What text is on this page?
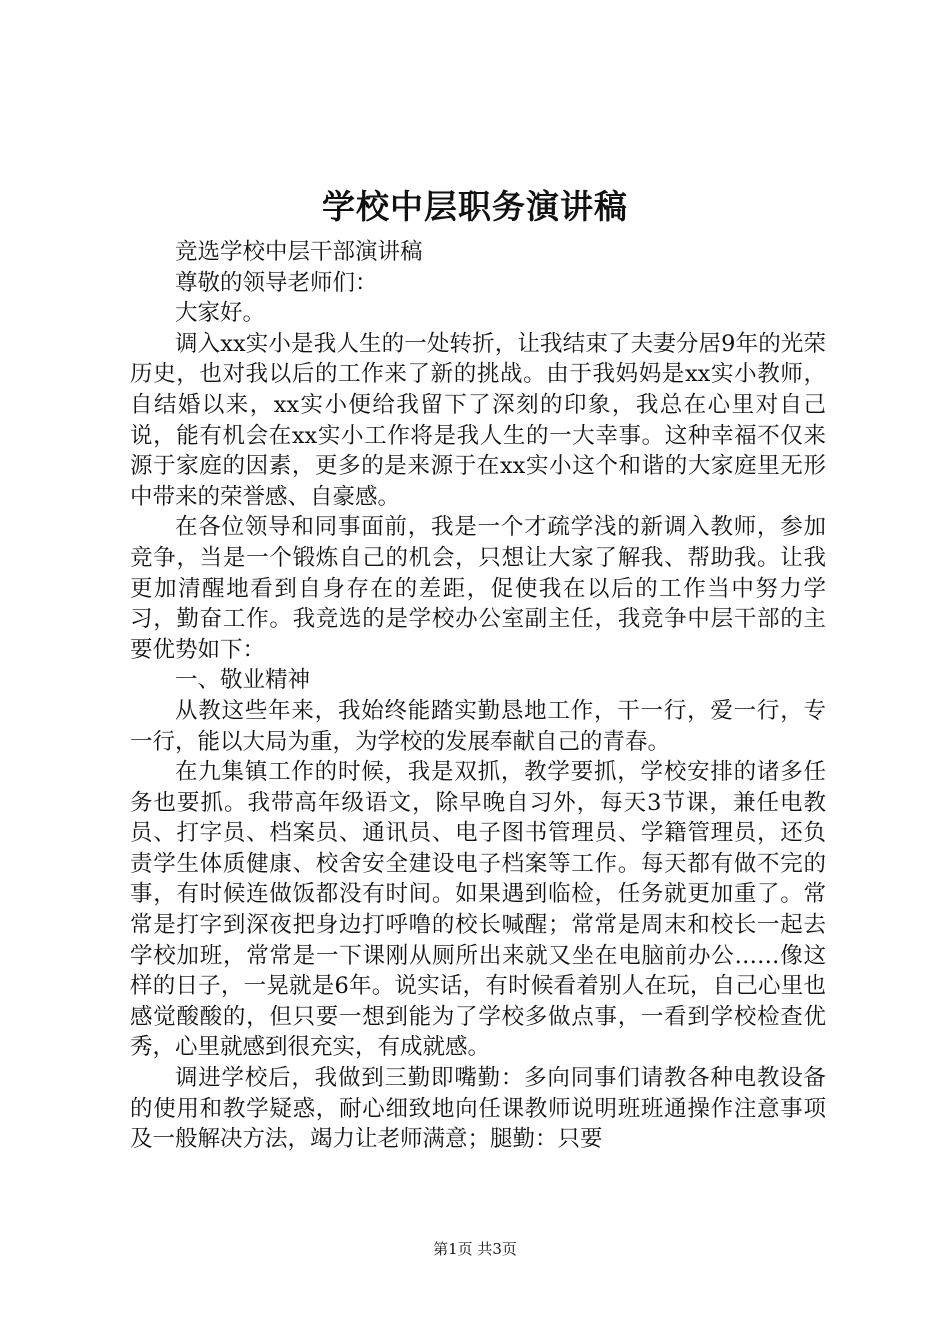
学校中层职务演讲稿

竞选学校中层干部演讲稿

尊敬的领导老师们：

大家好。

调入xx实小是我人生的一处转折，让我结束了夫妻分居9年的光荣历史，也对我以后的工作来了新的挑战。由于我妈妈是xx实小教师，自结婚以来，xx实小便给我留下了深刻的印象，我总在心里对自己说，能有机会在xx实小工作将是我人生的一大幸事。这种幸福不仅来源于家庭的因素，更多的是来源于在xx实小这个和谐的大家庭里无形中带来的荣誉感、自豪感。

在各位领导和同事面前，我是一个才疏学浅的新调入教师，参加竞争，当是一个锻炼自己的机会，只想让大家了解我、帮助我。让我更加清醒地看到自身存在的差距，促使我在以后的工作当中努力学习，勤奋工作。我竞选的是学校办公室副主任，我竞争中层干部的主要优势如下：

一、敬业精神

从教这些年来，我始终能踏实勤恳地工作，干一行，爱一行，专一行，能以大局为重，为学校的发展奉献自己的青春。

在九集镇工作的时候，我是双抓，教学要抓，学校安排的诸多任务也要抓。我带高年级语文，除早晚自习外，每天3节课，兼任电教员、打字员、档案员、通讯员、电子图书管理员、学籍管理员，还负责学生体质健康、校舍安全建设电子档案等工作。每天都有做不完的事，有时候连做饭都没有时间。如果遇到临检，任务就更加重了。常常是打字到深夜把身边打呼噜的校长喊醒；常常是周末和校长一起去学校加班，常常是一下课刚从厕所出来就又坐在电脑前办公……像这样的日子，一晃就是6年。说实话，有时候看着别人在玩，自己心里也感觉酸酸的，但只要一想到能为了学校多做点事，一看到学校检查优秀，心里就感到很充实，有成就感。

调进学校后，我做到三勤即嘴勤：多向同事们请教各种电教设备的使用和教学疑惑，耐心细致地向任课教师说明班班通操作注意事项及一般解决方法，竭力让老师满意；腿勤：只要

第1页 共3页
